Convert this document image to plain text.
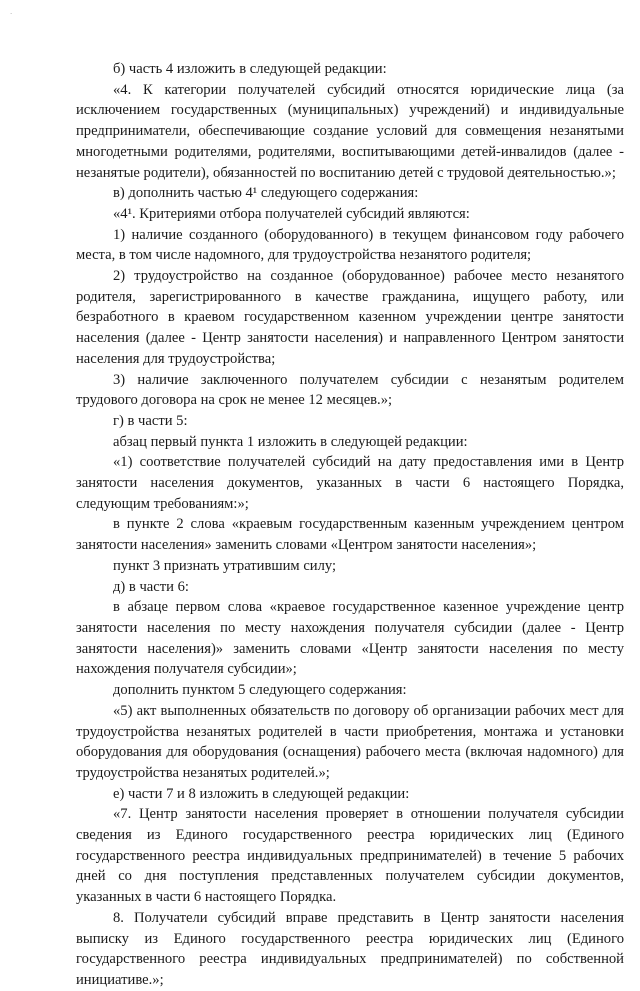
·

б) часть 4 изложить в следующей редакции:

«4. К категории получателей субсидий относятся юридические лица (за исключением государственных (муниципальных) учреждений) и индивидуальные предприниматели, обеспечивающие создание условий для совмещения незанятыми многодетными родителями, родителями, воспитывающими детей-инвалидов (далее - незанятые родители), обязанностей по воспитанию детей с трудовой деятельностью.»;

в) дополнить частью 4¹ следующего содержания:

«4¹. Критериями отбора получателей субсидий являются:

1) наличие созданного (оборудованного) в текущем финансовом году рабочего места, в том числе надомного, для трудоустройства незанятого родителя;

2) трудоустройство на созданное (оборудованное) рабочее место незанятого родителя, зарегистрированного в качестве гражданина, ищущего работу, или безработного в краевом государственном казенном учреждении центре занятости населения (далее - Центр занятости населения) и направленного Центром занятости населения для трудоустройства;

3) наличие заключенного получателем субсидии с незанятым родителем трудового договора на срок не менее 12 месяцев.»;

г) в части 5:

абзац первый пункта 1 изложить в следующей редакции:

«1) соответствие получателей субсидий на дату предоставления ими в Центр занятости населения документов, указанных в части 6 настоящего Порядка, следующим требованиям:»;

в пункте 2 слова «краевым государственным казенным учреждением центром занятости населения» заменить словами «Центром занятости населения»;

пункт 3 признать утратившим силу;

д) в части 6:

в абзаце первом слова «краевое государственное казенное учреждение центр занятости населения по месту нахождения получателя субсидии (далее - Центр занятости населения)» заменить словами «Центр занятости населения по месту нахождения получателя субсидии»;

дополнить пунктом 5 следующего содержания:

«5) акт выполненных обязательств по договору об организации рабочих мест для трудоустройства незанятых родителей в части приобретения, монтажа и установки оборудования для оборудования (оснащения) рабочего места (включая надомного) для трудоустройства незанятых родителей.»;

е) части 7 и 8 изложить в следующей редакции:

«7. Центр занятости населения проверяет в отношении получателя субсидии сведения из Единого государственного реестра юридических лиц (Единого государственного реестра индивидуальных предпринимателей) в течение 5 рабочих дней со дня поступления представленных получателем субсидии документов, указанных в части 6 настоящего Порядка.

8. Получатели субсидий вправе представить в Центр занятости населения выписку из Единого государственного реестра юридических лиц (Единого государственного реестра индивидуальных предпринимателей) по собственной инициативе.»;
